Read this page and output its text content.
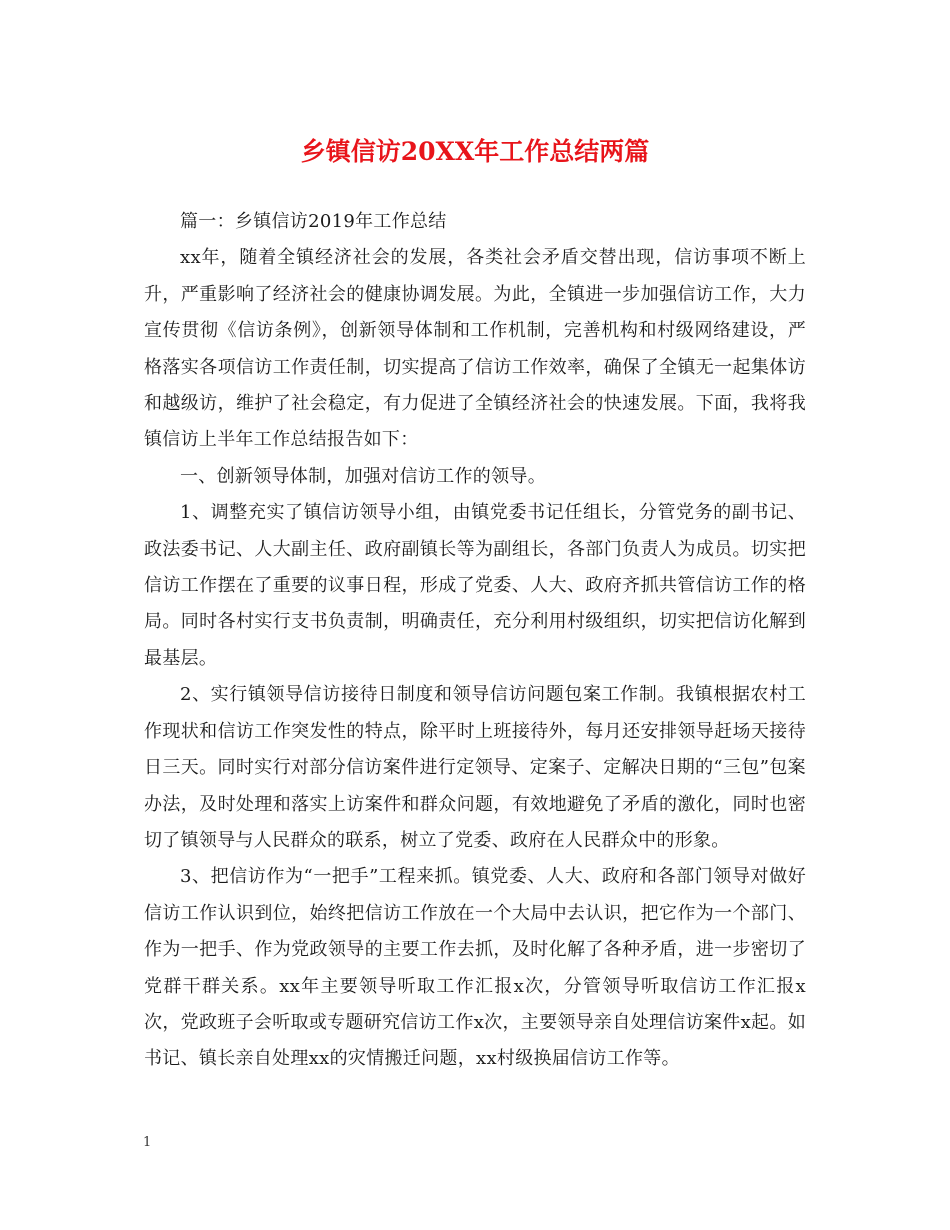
乡镇信访20XX年工作总结两篇

篇一：乡镇信访2019年工作总结

xx年，随着全镇经济社会的发展，各类社会矛盾交替出现，信访事项不断上升，严重影响了经济社会的健康协调发展。为此，全镇进一步加强信访工作，大力宣传贯彻《信访条例》，创新领导体制和工作机制，完善机构和村级网络建设，严格落实各项信访工作责任制，切实提高了信访工作效率，确保了全镇无一起集体访和越级访，维护了社会稳定，有力促进了全镇经济社会的快速发展。下面，我将我镇信访上半年工作总结报告如下：

一、创新领导体制，加强对信访工作的领导。

1、调整充实了镇信访领导小组，由镇党委书记任组长，分管党务的副书记、政法委书记、人大副主任、政府副镇长等为副组长，各部门负责人为成员。切实把信访工作摆在了重要的议事日程，形成了党委、人大、政府齐抓共管信访工作的格局。同时各村实行支书负责制，明确责任，充分利用村级组织，切实把信访化解到最基层。

2、实行镇领导信访接待日制度和领导信访问题包案工作制。我镇根据农村工作现状和信访工作突发性的特点，除平时上班接待外，每月还安排领导赶场天接待日三天。同时实行对部分信访案件进行定领导、定案子、定解决日期的“三包”包案办法，及时处理和落实上访案件和群众问题，有效地避免了矛盾的激化，同时也密切了镇领导与人民群众的联系，树立了党委、政府在人民群众中的形象。

3、把信访作为“一把手”工程来抓。镇党委、人大、政府和各部门领导对做好信访工作认识到位，始终把信访工作放在一个大局中去认识，把它作为一个部门、作为一把手、作为党政领导的主要工作去抓，及时化解了各种矛盾，进一步密切了党群干群关系。xx年主要领导听取工作汇报x次，分管领导听取信访工作汇报x次，党政班子会听取或专题研究信访工作x次，主要领导亲自处理信访案件x起。如书记、镇长亲自处理xx的灾情搬迁问题，xx村级换届信访工作等。

1
